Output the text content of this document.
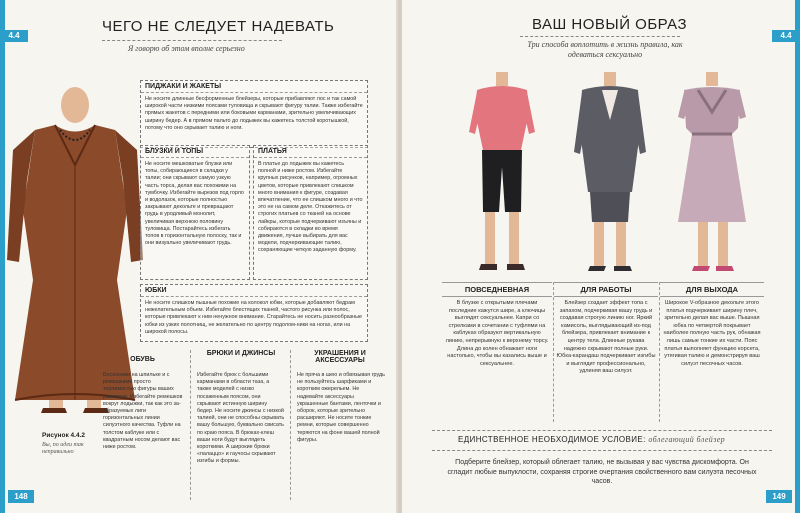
4.4
ЧЕГО НЕ СЛЕДУЕТ НАДЕВАТЬ
Я говорю об этом вполне серьезно
ПИДЖАКИ И ЖАКЕТЫ
Не носите длинные бесформенные блейзеры, которые прибавляют лос и так самой широкой части низкими поясами туловища и скрывают фигуру талии. Также избегайте прямых жакетов с передними или боковыми карманами, зрительно увеличивающих ширину бедер. А в прямом пальто до лодыжек вы кажетесь толстой коротышкой, потому что оно скрывает талию и ноги.
БЛУЗКИ И ТОПЫ
Не носите мешковатые блузки или топы, собирающиеся в складки у талии; они скрывают самую узкую часть торса, делая вас похожими на тумбочку. Избегайте вырезов под горло и водолазок, которые полностью закрывают декольте и превращают грудь в уродливый монолит, увеличивая верхнюю половину туловища. Постарайтесь избегать топов в горизонтальную полоску, так и они визуально увеличивают грудь.
ПЛАТЬЯ
В платье до лодыжек вы кажетесь полной и ниже ростом. Избегайте крупных рисунков, например, огромных цветов, которые привлекают слишком много внимания к фигуре, создавая впечатление, что ее слишком много и что это не на самом деле. Откажитесь от строгих платьев со тканей на основе лайкры, которые подчеркивают изъяны и собираются в складки во время движения, лучше выбирать для вас модели, подчеркивающие талию, сохраняющие четкую заданную форму.
ЮБКИ
Не носите слишком пышные похожие на колокол юбки, которые добавляют бедрам нежелательным объем. Избегайте блестящих тканей, частого рисунка или полос, которые привлекают к ним ненужное внимание. Старайтесь не носить разнообразные юбки из узких полотнищ, не желательно по центру подолом-ники на ногах, или на широкой полосы.
Рисунок 4.4.2
Вы, по идеи так неправильно
ОБУВЬ
Босоножки на шпильке и с ремешками просто терпимостью фигуры ваших размеров. Избегайте ремешков вокруг лодыжки, так как это за-образуемых лиги горизонтальных линии силуэтного качества. Туфли на толстом каблуке или с квадратным носом делают вас ниже ростом.
БРЮКИ И ДЖИНСЫ
Избегайте брюк с большими карманами в области таза, а также моделей с низко посаженным поясом, они скрывают истинную ширину бедер. Не носите джинсы с низкой талией, они не способны скрывать вашу большую, буквально свисать по краю пояса. В брюках-клеш ваши ноги будут выглядеть короткими. А широкие брюки «палаццо» и гаучосы скрывают изгибы и формы.
УКРАШЕНИЯ И АКСЕССУАРЫ
Не пряча в шею и обвязывая грудь не пользуйтесь шарфиками и коротким ожерельем. Не надевайте аксессуары украшенные бантами, ленточки и оборок, которые зрительно расширяют. Не носите тонкие ремни, которые совершенно теряются на фоне вашей полной фигуры.
148
4.4
ВАШ НОВЫЙ ОБРАЗ
Три способа воплотить в жизнь правила, как одеваться сексуально
ПОВСЕДНЕВНАЯ	ДЛЯ РАБОТЫ	ДЛЯ ВЫХОДА
В блузке с открытыми плечами последние кажутся шире, а ключицы выглядят сексуальнее. Капри со стрелками в сочетании с туфлями на каблуках образуют вертикальную линию, непрерывную к верхнему торсу. Длина до колен обнажает ноги настолько, чтобы вы казались выше и сексуальнее.
Блейзер создает эффект топа с запахом, подчеркивая вашу грудь и создавая строгую линию ног. Яркий камисоль, выглядывающий из-под блейзера, привлекает внимание к центру тела. Длинные рукава надежно скрывают полные руки. Юбка-карандаш подчеркивает изгибы и выглядит профессионально, удлиняя ваш силуэт.
Широкое V-образное декольте этого платья подчеркивает ширину плеч, зрительно делая вас выше. Пышная юбка по четвертой покрывает наиболее полную часть рук, обнажая лишь самые тонкие их части. Пояс платья выполняет функцию корсета, утягивая талию и демонстрируя ваш силуэт песочных часов.
ЕДИНСТВЕННОЕ НЕОБХОДИМОЕ УСЛОВИЕ: облегающий блейзер
Подберите блейзер, который облегает талию, не вызывая у вас чувства дискомфорта. Он сгладит любые выпуклости, сохраняя строгие очертания свойственного вам силуэта песочных часов.
149
